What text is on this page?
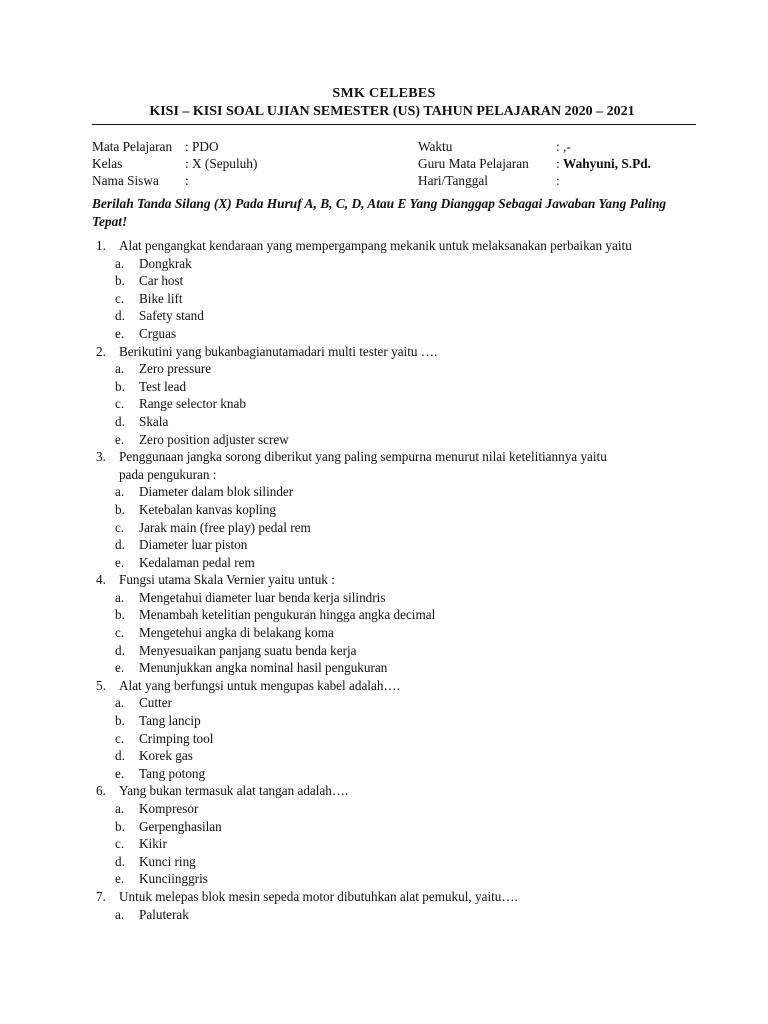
SMK CELEBES
KISI – KISI SOAL UJIAN SEMESTER (US) TAHUN PELAJARAN 2020 – 2021
Mata Pelajaran : PDO
Kelas	: X (Sepuluh)
Nama Siswa :
Waktu	: ,-
Guru Mata Pelajaran : Wahyuni, S.Pd.
Hari/Tanggal	:
Berilah Tanda Silang (X) Pada Huruf A, B, C, D, Atau E Yang Dianggap Sebagai Jawaban Yang Paling Tepat!
1. Alat pengangkat kendaraan yang mempergampang mekanik untuk melaksanakan perbaikan yaitu
a. Dongkrak
b. Car host
c. Bike lift
d. Safety stand
e. Crguas
2. Berikutini yang bukanbagianutamadari multi tester yaitu ….
a. Zero pressure
b. Test lead
c. Range selector knab
d. Skala
e. Zero position adjuster screw
3. Penggunaan jangka sorong diberikut yang paling sempurna menurut nilai ketelitiannya yaitu
pada pengukuran :
a. Diameter dalam blok silinder
b. Ketebalan kanvas kopling
c. Jarak main (free play) pedal rem
d. Diameter luar piston
e. Kedalaman pedal rem
4. Fungsi utama Skala Vernier yaitu untuk :
a. Mengetahui diameter luar benda kerja silindris
b. Menambah ketelitian pengukuran hingga angka decimal
c. Mengetehui angka di belakang koma
d. Menyesuaikan panjang suatu benda kerja
e. Menunjukkan angka nominal hasil pengukuran
5. Alat yang berfungsi untuk mengupas kabel adalah….
a. Cutter
b. Tang lancip
c. Crimping tool
d. Korek gas
e. Tang potong
6. Yang bukan termasuk alat tangan adalah….
a. Kompresor
b. Gerpenghasilan
c. Kikir
d. Kunci ring
e. Kunciinggris
7. Untuk melepas blok mesin sepeda motor dibutuhkan alat pemukul, yaitu….
a. Paluterak
